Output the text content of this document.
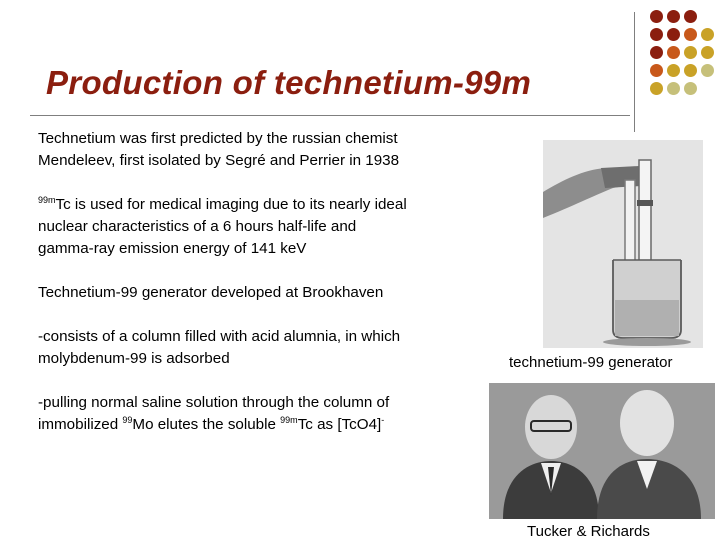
Production of technetium-99m

Technetium was first predicted by the russian chemist

Mendeleev, first isolated by Segré and Perrier in 1938

$^{99m}$Tc is used for medical imaging due to its nearly ideal

nuclear characteristics of a 6 hours half-life and

gamma-ray emission energy of 141 keV

Technetium-99 generator developed at Brookhaven

-consists of a column filled with acid alumnia, in which

molybdenum-99 is adsorbed

-pulling normal saline solution through the column of

immobilized $^{99}$Mo elutes the soluble $^{99m}$Tc as [TcO4]-

technetium-99 generator
Tucker & Richards
